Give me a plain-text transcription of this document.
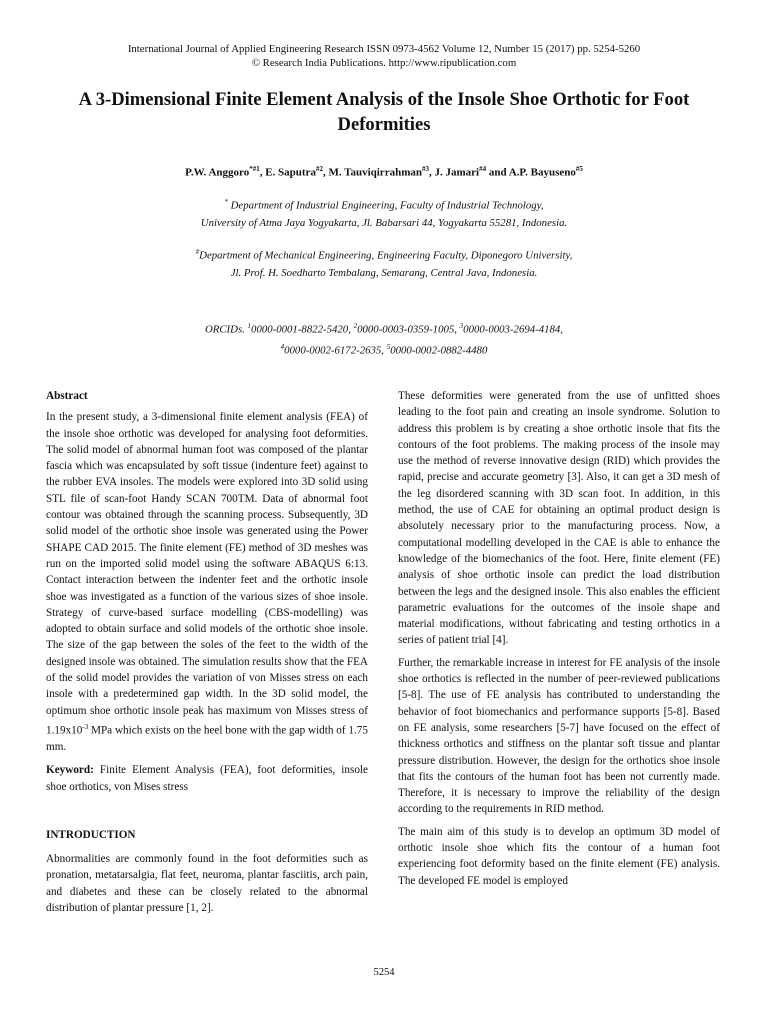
International Journal of Applied Engineering Research ISSN 0973-4562 Volume 12, Number 15 (2017) pp. 5254-5260
© Research India Publications. http://www.ripublication.com
A 3-Dimensional Finite Element Analysis of the Insole Shoe Orthotic for Foot Deformities
P.W. Anggoro$^{*\#1}$, E. Saputra$^{\#2}$, M. Tauviqirrahman$^{\#3}$, J. Jamari$^{\#4}$ and A.P. Bayuseno$^{\#5}$
* Department of Industrial Engineering, Faculty of Industrial Technology,
University of Atma Jaya Yogyakarta, Jl. Babarsari 44, Yogyakarta 55281, Indonesia.
#Department of Mechanical Engineering, Engineering Faculty, Diponegoro University,
Jl. Prof. H. Soedharto Tembalang, Semarang, Central Java, Indonesia.
ORCIDs. $^1$0000-0001-8822-5420, $^2$0000-0003-0359-1005, $^3$0000-0003-2694-4184,
$^4$0000-0002-6172-2635, $^5$0000-0002-0882-4480

Abstract

In the present study, a 3-dimensional finite element analysis (FEA) of the insole shoe orthotic was developed for analysing foot deformities. The solid model of abnormal human foot was composed of the plantar fascia which was encapsulated by soft tissue (indenture feet) against to the rubber EVA insoles. The models were explored into 3D solid using STL file of scan-foot Handy SCAN 700TM. Data of abnormal foot contour was obtained through the scanning process. Subsequently, 3D solid model of the orthotic shoe insole was generated using the Power SHAPE CAD 2015. The finite element (FE) method of 3D meshes was run on the imported solid model using the software ABAQUS 6:13. Contact interaction between the indenter feet and the orthotic insole shoe was investigated as a function of the various sizes of shoe insole. Strategy of curve-based surface modelling (CBS-modelling) was adopted to obtain surface and solid models of the orthotic shoe insole. The size of the gap between the soles of the feet to the width of the designed insole was obtained. The simulation results show that the FEA of the solid model provides the variation of von Misses stress on each insole with a predetermined gap width. In the 3D solid model, the optimum shoe orthotic insole peak has maximum von Misses stress of $1.19x10^{-3}$ MPa which exists on the heel bone with the gap width of 1.75 mm.

Keyword: Finite Element Analysis (FEA), foot deformities, insole shoe orthotics, von Mises stress

INTRODUCTION

Abnormalities are commonly found in the foot deformities such as pronation, metatarsalgia, flat feet, neuroma, plantar fasciitis, arch pain, and diabetes and these can be closely related to the abnormal distribution of plantar pressure [1, 2].

These deformities were generated from the use of unfitted shoes leading to the foot pain and creating an insole syndrome. Solution to address this problem is by creating a shoe orthotic insole that fits the contours of the foot problems. The making process of the insole may use the method of reverse innovative design (RID) which provides the rapid, precise and accurate geometry [3]. Also, it can get a 3D mesh of the leg disordered scanning with 3D scan foot. In addition, in this method, the use of CAE for obtaining an optimal product design is absolutely necessary prior to the manufacturing process. Now, a computational modelling developed in the CAE is able to enhance the knowledge of the biomechanics of the foot. Here, finite element (FE) analysis of shoe orthotic insole can predict the load distribution between the legs and the designed insole. This also enables the efficient parametric evaluations for the outcomes of the insole shape and material modifications, without fabricating and testing orthotics in a series of patient trial [4].

Further, the remarkable increase in interest for FE analysis of the insole shoe orthotics is reflected in the number of peer-reviewed publications [5-8]. The use of FE analysis has contributed to understanding the behavior of foot biomechanics and performance supports [5-8]. Based on FE analysis, some researchers [5-7] have focused on the effect of thickness orthotics and stiffness on the plantar soft tissue and plantar pressure distribution. However, the design for the orthotics shoe insole that fits the contours of the human foot has been not currently made. Therefore, it is necessary to improve the reliability of the design according to the requirements in RID method.

The main aim of this study is to develop an optimum 3D model of orthotic insole shoe which fits the contour of a human foot experiencing foot deformity based on the finite element (FE) analysis. The developed FE model is employed

5254
